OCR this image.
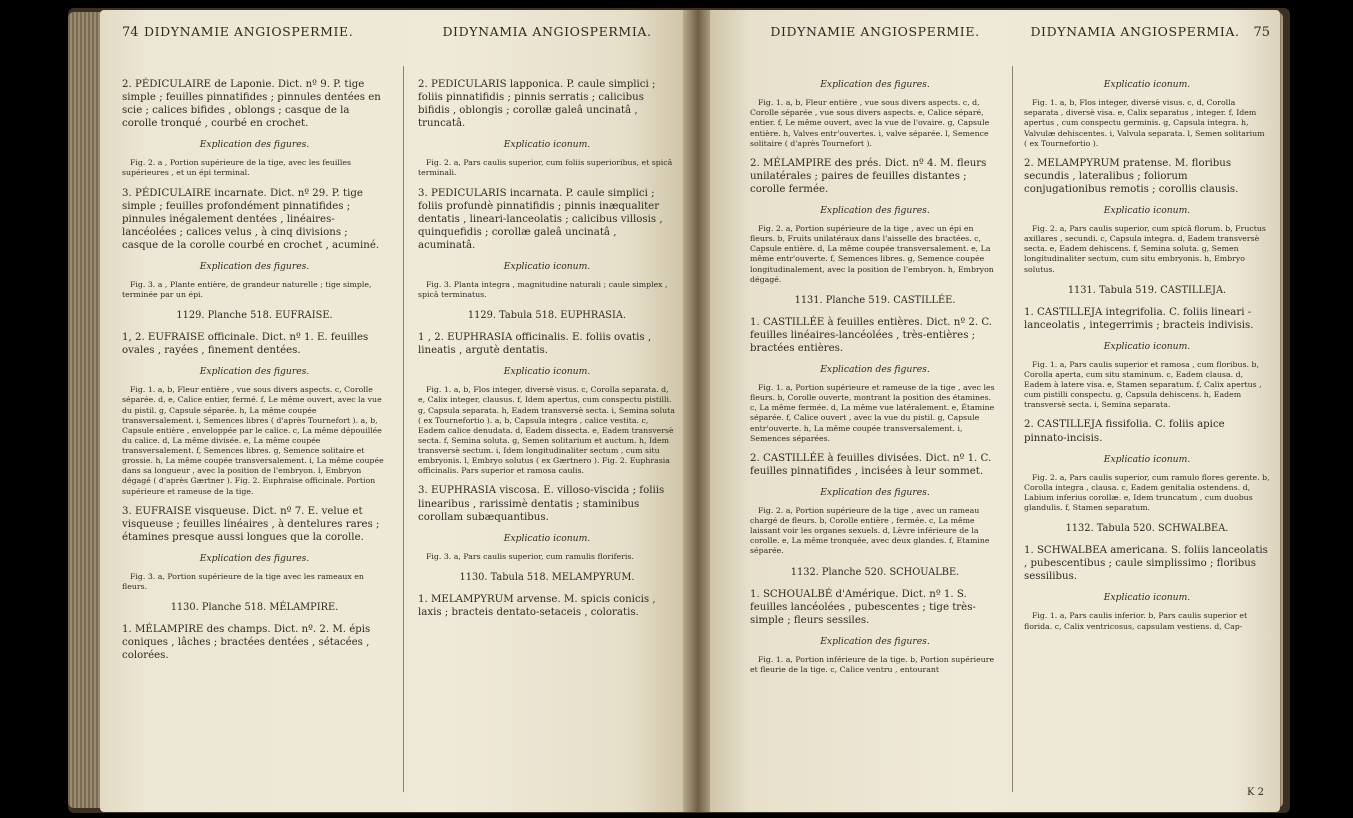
74 DIDYNAMIE ANGIOSPERMIE.
2. PÉDICULAIRE de Laponie. Dict. nº 9. P. tige simple ; feuilles pinnatifides ; pinnules dentées en scie ; calices bifides , oblongs ; casque de la corolle tronqué , courbé en crochet.
Explication des figures.
Fig. 2. a , Portion supérieure de la tige, avec les feuilles supérieures , et un épi terminal.
3. PÉDICULAIRE incarnate. Dict. nº 29. P. tige simple ; feuilles profondément pinnatifides ; pinnules inégalement dentées , linéaires-lancéolées ; calices velus , à cinq divisions ; casque de la corolle courbé en crochet , acuminé.
Explication des figures.
Fig. 3. a , Plante entière, de grandeur naturelle ; tige simple, terminée par un épi.
1129. Planche 518. EUFRAISE.
1, 2. EUFRAISE officinale. Dict. nº 1. E. feuilles ovales , rayées , finement dentées.
Explication des figures.
Fig. 1. a, b, Fleur entière , vue sous divers aspects. c, Corolle séparée. d, e, Calice entier, fermé. f, Le même ouvert, avec la vue du pistil. g, Capsule séparée. h, La même coupée transversalement. i, Semences libres ( d'après Tournefort ). a, b, Capsule entière , enveloppée par le calice. c, La même dépouillée du calice. d, La même divisée. e, La même coupée transversalement. f, Semences libres. g, Semence solitaire et grossie. h, La même coupée transversalement. i, La même coupée dans sa longueur , avec la position de l'embryon. l, Embryon dégagé ( d'après Gærtner ). Fig. 2. Euphraise officinale. Portion supérieure et rameuse de la tige.
3. EUFRAISE visqueuse. Dict. nº 7. E. velue et visqueuse ; feuilles linéaires , à dentelures rares ; étamines presque aussi longues que la corolle.
Explication des figures.
Fig. 3. a, Portion supérieure de la tige avec les rameaux en fleurs.
1130. Planche 518. MÉLAMPIRE.
1. MÉLAMPIRE des champs. Dict. nº. 2. M. épis coniques , lâches ; bractées dentées , sétacées , colorées.
DIDYNAMIA ANGIOSPERMIA.
2. PEDICULARIS lapponica. P. caule simplici ; foliis pinnatifidis ; pinnis serratis ; calicibus bifidis , oblongis ; corollæ galeâ uncinatâ , truncatâ.
Explicatio iconum.
Fig. 2. a, Pars caulis superior, cum foliis superioribus, et spicâ terminali.
3. PEDICULARIS incarnata. P. caule simplici ; foliis profundè pinnatifidis ; pinnis inæqualiter dentatis , lineari-lanceolatis ; calicibus villosis , quinquefidis ; corollæ galeâ uncinatâ , acuminatâ.
Explicatio iconum.
Fig. 3. Planta integra , magnitudine naturali ; caule simplex , spicâ terminatus.
1129. Tabula 518. EUPHRASIA.
1 , 2. EUPHRASIA officinalis. E. foliis ovatis , lineatis , argutè dentatis.
Explicatio iconum.
Fig. 1. a, b, Flos integer, diversè visus. c, Corolla separata. d, e, Calix integer, clausus. f, Idem apertus, cum conspectu pistilli. g, Capsula separata. h, Eadem transversè secta. i, Semina soluta ( ex Tournefortio ). a, b, Capsula integra , calice vestita. c, Eadem calice denudata. d, Eadem dissecta. e, Eadem transversè secta. f, Semina soluta. g, Semen solitarium et auctum. h, Idem transversè sectum. i, Idem longitudinaliter sectum , cum situ embryonis. l, Embryo solutus ( ex Gærtnero ). Fig. 2. Euphrasia officinalis. Pars superior et ramosa caulis.
3. EUPHRASIA viscosa. E. villoso-viscida ; foliis linearibus , rarissimè dentatis ; staminibus corollam subæquantibus.
Explicatio iconum.
Fig. 3. a, Pars caulis superior, cum ramulis floriferis.
1130. Tabula 518. MELAMPYRUM.
1. MELAMPYRUM arvense. M. spicis conicis , laxis ; bracteis dentato-setaceis , coloratis.
DIDYNAMIE ANGIOSPERMIE.
Explication des figures.
Fig. 1. a, b, Fleur entière , vue sous divers aspects. c, d, Corolle séparée , vue sous divers aspects. e, Calice séparé, entier. f, Le même ouvert, avec la vue de l'ovaire. g, Capsule entière. h, Valves entr'ouvertes. i, valve séparée. l, Semence solitaire ( d'après Tournefort ).
2. MÉLAMPIRE des prés. Dict. nº 4. M. fleurs unilatérales ; paires de feuilles distantes ; corolle fermée.
Explication des figures.
Fig. 2. a, Portion supérieure de la tige , avec un épi en fleurs. b, Fruits unilatéraux dans l'aisselle des bractées. c, Capsule entière. d, La même coupée transversalement. e, La même entr'ouverte. f, Semences libres. g, Semence coupée longitudinalement, avec la position de l'embryon. h, Embryon dégagé.
1131. Planche 519. CASTILLÉE.
1. CASTILLÉE à feuilles entières. Dict. nº 2. C. feuilles linéaires-lancéolées , très-entières ; bractées entières.
Explication des figures.
Fig. 1. a, Portion supérieure et rameuse de la tige , avec les fleurs. b, Corolle ouverte, montrant la position des étamines. c, La même fermée. d, La même vue latéralement. e, Étamine séparée. f, Calice ouvert , avec la vue du pistil. g, Capsule entr'ouverte. h, La même coupée transversalement. i, Semences séparées.
2. CASTILLÉE à feuilles divisées. Dict. nº 1. C. feuilles pinnatifides , incisées à leur sommet.
Explication des figures.
Fig. 2. a, Portion supérieure de la tige , avec un rameau chargé de fleurs. b, Corolle entière , fermée. c, La même laissant voir les organes sexuels. d, Lèvre inférieure de la corolle. e, La même tronquée, avec deux glandes. f, Etamine séparée.
1132. Planche 520. SCHOUALBE.
1. SCHOUALBÉ d'Amérique. Dict. nº 1. S. feuilles lancéolées , pubescentes ; tige très-simple ; fleurs sessiles.
Explication des figures.
Fig. 1. a, Portion inférieure de la tige. b, Portion supérieure et fleurie de la tige. c, Calice ventru , entourant
DIDYNAMIA ANGIOSPERMIA.	75
Explicatio iconum.
Fig. 1. a, b, Flos integer, diversè visus. c, d, Corolla separata , diversè visa. e, Calix separatus , integer. f, Idem apertus , cum conspectu germinis. g, Capsula integra. h, Valvulæ dehiscentes. i, Valvula separata. l, Semen solitarium ( ex Tournefortio ).
2. MELAMPYRUM pratense. M. floribus secundis , lateralibus ; foliorum conjugationibus remotis ; corollis clausis.
Explicatio iconum.
Fig. 2. a, Pars caulis superior, cum spicâ florum. b, Fructus axillares , secundi. c, Capsula integra. d, Eadem transversè secta. e, Eadem dehiscens. f, Semina soluta. g, Semen longitudinaliter sectum, cum situ embryonis. h, Embryo solutus.
1131. Tabula 519. CASTILLEJA.
1. CASTILLEJA integrifolia. C. foliis lineari - lanceolatis , integerrimis ; bracteis indivisis.
Explicatio iconum.
Fig. 1. a, Pars caulis superior et ramosa , cum floribus. b, Corolla aperta, cum situ staminum. c, Eadem clausa. d, Eadem à latere visa. e, Stamen separatum. f, Calix apertus , cum pistilli conspectu. g, Capsula dehiscens. h, Eadem transversè secta. i, Semina separata.
2. CASTILLEJA fissifolia. C. foliis apice pinnato-incisis.
Explicatio iconum.
Fig. 2. a, Pars caulis superior, cum ramulo flores gerente. b, Corolla integra , clausa. c, Eadem genitalia ostendens. d, Labium inferius corollæ. e, Idem truncatum , cum duobus glandulis. f, Stamen separatum.
1132. Tabula 520. SCHWALBEA.
1. SCHWALBEA americana. S. foliis lanceolatis , pubescentibus ; caule simplissimo ; floribus sessilibus.
Explicatio iconum.
Fig. 1. a, Pars caulis inferior. b, Pars caulis superior et florida. c, Calix ventricosus, capsulam vestiens. d, Cap-
K 2
